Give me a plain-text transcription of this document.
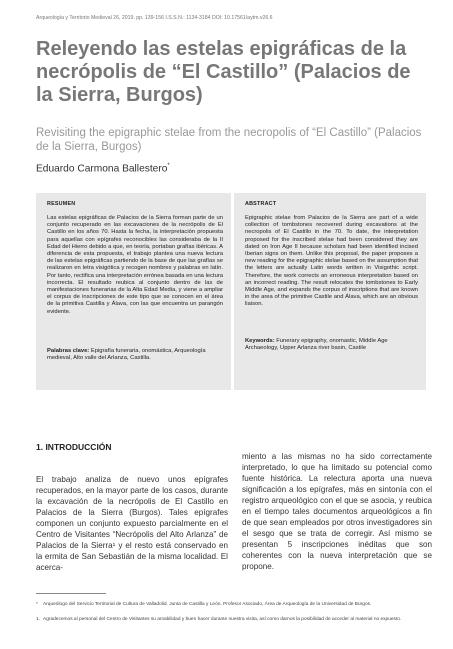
Arqueología y Territorio Medieval 26, 2019. pp. 139-156 I.S.S.N.: 1134-3184 DOI: 10.17561/aytm.v26.6
Releyendo las estelas epigráficas de la necrópolis de “El Castillo” (Palacios de la Sierra, Burgos)
Revisiting the epigraphic stelae from the necropolis of “El Castillo” (Palacios de la Sierra, Burgos)
Eduardo Carmona Ballestero*
RESUMEN
Las estelas epigráficas de Palacios de la Sierra forman parte de un conjunto recuperado en las excavaciones de la necrópolis de El Castillo en los años 70. Hasta la fecha, la interpretación propuesta para aquellas con epígrafes reconocibles las consideraba de la II Edad del Hierro debido a que, en teoría, portaban grafías ibéricas. A diferencia de esta propuesta, el trabajo plantea una nueva lectura de las estelas epigráficas partiendo de la base de que las grafías se realizaron en letra visigótica y recogen nombres y palabras en latín. Por tanto, rectifica una interpretación errónea basada en una lectura incorrecta. El resultado reubica al conjunto dentro de las de manifestaciones funerarias de la Alta Edad Media, y viene a ampliar el corpus de inscripciones de este tipo que se conocen en el área de la primitiva Castilla y Álava, con las que encuentra un parangón evidente.
Palabras clave: Epigrafía funeraria, onomástica, Arqueología medieval, Alto valle del Arlanza, Castilla.
ABSTRACT
Epigraphic stelae from Palacios de la Sierra are part of a wide collection of tombstones recovered during excavations at the necropolis of El Castillo in the 70. To date, the interpretation proposed for the inscribed stelae had been considered they are dated on Iron Age II because scholars had been identified incised Iberian signs on them. Unlike this proposal, the paper proposes a new reading for the epigraphic stelae based on the assumption that the letters are actually Latin words written in Visigothic script. Therefore, the work corrects an erroneous interpretation based on an incorrect reading. The result relocates the tombstones to Early Middle Age, and expands the corpus of inscriptions that are known in the area of the primitive Castile and Álava, which are an obvious liaison.
Keywords: Funerary epigraphy, onomastic, Middle Age Archaeology, Upper Arlanza river basin, Castile
1. INTRODUCCIÓN

El trabajo analiza de nuevo unos epígrafes recuperados, en la mayor parte de los casos, durante la excavación de la necrópolis de El Castillo en Palacios de la Sierra (Burgos). Tales epígrafes componen un conjunto expuesto parcialmente en el Centro de Visitantes “Necrópolis del Alto Arlanza” de Palacios de la Sierra¹ y el resto está conservado en la ermita de San Sebastián de la misma localidad. El acerca-

miento a las mismas no ha sido correctamente interpretado, lo que ha limitado su potencial como fuente histórica. La relectura aporta una nueva significación a los epígrafes, más en sintonía con el registro arqueológico con el que se asocia, y reubica en el tiempo tales documentos arqueológicos a fin de que sean empleados por otros investigadores sin el sesgo que se trata de corregir. Así mismo se presentan 5 inscripciones inéditas que son coherentes con la nueva interpretación que se propone.

*	Arqueólogo del Servicio Territorial de Cultura de Valladolid. Junta de Castilla y León. Profesor Asociado, Área de Arqueología de la Universidad de Burgos.
1. Agradecemos al personal del Centro de Visitantes su amabilidad y buen hacer durante nuestra visita, así como darnos la posibilidad de acceder al material no expuesto.
